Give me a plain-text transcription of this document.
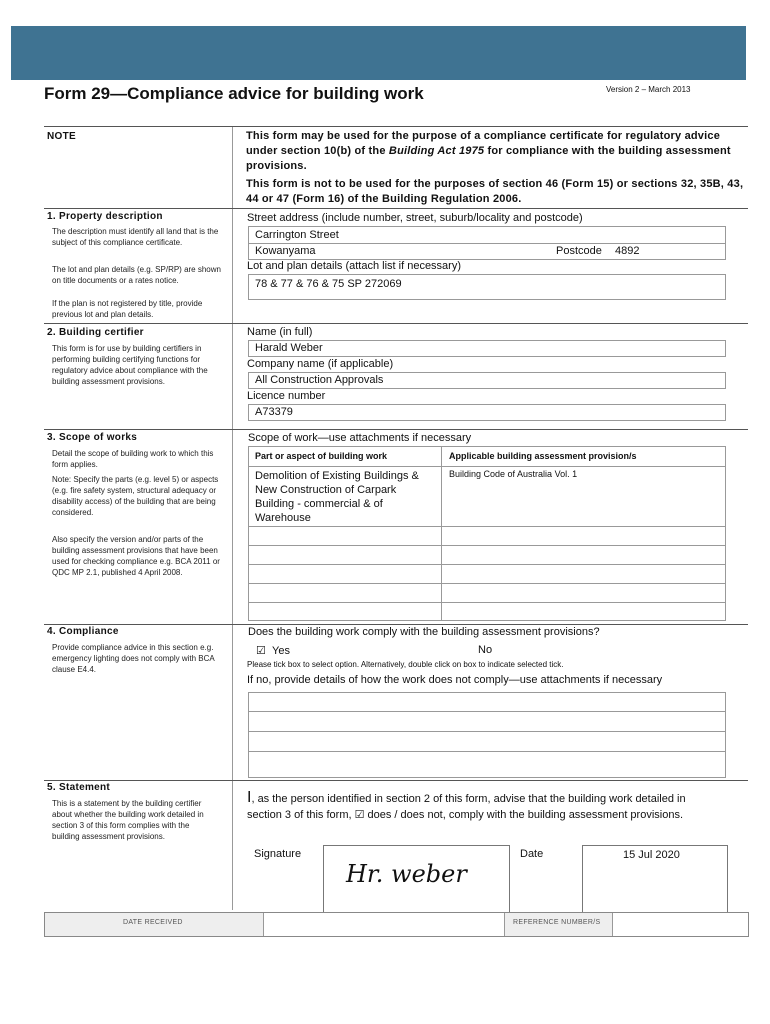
Form 29—Compliance advice for building work	Version 2 – March 2013
NOTE	This form may be used for the purpose of a compliance certificate for regulatory advice under section 10(b) of the Building Act 1975 for compliance with the building assessment provisions.
This form is not to be used for the purposes of section 46 (Form 15) or sections 32, 35B, 43, 44 or 47 (Form 16) of the Building Regulation 2006.
1. Property description
The description must identify all land that is the subject of this compliance certificate.
The lot and plan details (e.g. SP/RP) are shown on title documents or a rates notice.
If the plan is not registered by title, provide previous lot and plan details.
Street address (include number, street, suburb/locality and postcode)
Carrington Street
Kowanyama	Postcode 4892
Lot and plan details (attach list if necessary)
78 & 77 & 76 & 75 SP 272069
2. Building certifier
This form is for use by building certifiers in performing building certifying functions for regulatory advice about compliance with the building assessment provisions.
Name (in full)
Harald Weber
Company name (if applicable)
All Construction Approvals
Licence number
A73379
3. Scope of works
Detail the scope of building work to which this form applies.
Note: Specify the parts (e.g. level 5) or aspects (e.g. fire safety system, structural adequacy or disability access) of the building that are being considered.
Also specify the version and/or parts of the building assessment provisions that have been used for checking compliance e.g. BCA 2011 or QDC MP 2.1, published 4 April 2008.
Scope of work—use attachments if necessary
Part or aspect of building work	Applicable building assessment provision/s
Demolition of Existing Buildings & New Construction of Carpark Building - commercial & of Warehouse
Building Code of Australia Vol. 1
4. Compliance
Provide compliance advice in this section e.g. emergency lighting does not comply with BCA clause E4.4.
Does the building work comply with the building assessment provisions?
☑ Yes	No
Please tick box to select option. Alternatively, double click on box to indicate selected tick.
If no, provide details of how the work does not comply—use attachments if necessary
5. Statement
This is a statement by the building certifier about whether the building work detailed in section 3 of this form complies with the building assessment provisions.
I, as the person identified in section 2 of this form, advise that the building work detailed in section 3 of this form, ☑ does / does not, comply with the building assessment provisions.
Signature
Hr. weber
Date	15 Jul 2020
DATE RECEIVED	REFERENCE NUMBER/S
